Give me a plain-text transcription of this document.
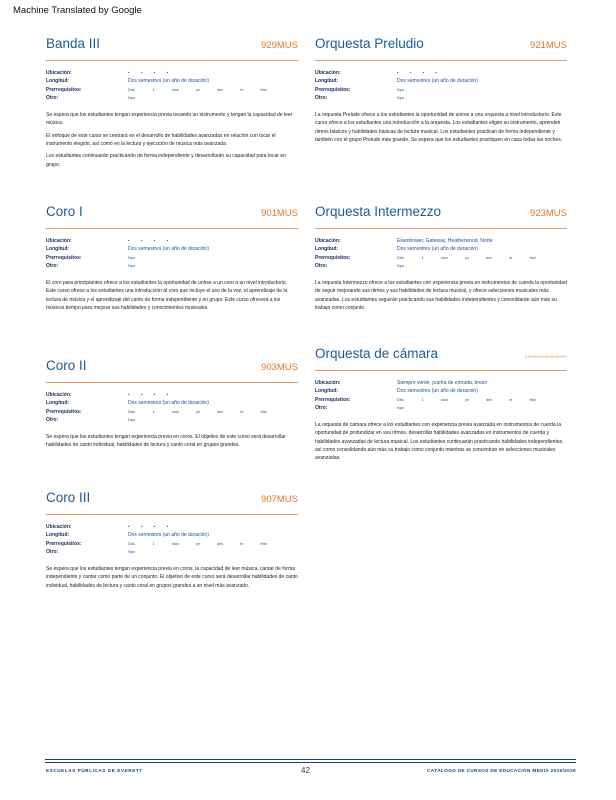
Machine Translated by Google
Banda III	929MUS
Ubicación:	• • • •
Longitud:	Dos semestres (un año de duración)
Prerrequisitos:	Dist. 1 stun yn dev te fhst
Otro:	Npo

Se espera que los estudiantes tengan experiencia previa tocando un instrumento y tengan la capacidad de leer música.

El enfoque de este curso se centrará en el desarrollo de habilidades avanzadas en relación con tocar el instrumento elegido, así como en la lectura y ejecución de música más avanzada.

Los estudiantes continuarán practicando de forma independiente y desarrollarán su capacidad para tocar en grupo.

Coro I	901MUS
Ubicación:	• • • •
Longitud:	Dos semestres (un año de duración)
Prerrequisitos:	Npo
Otro:	Npo

El coro para principiantes ofrece a los estudiantes la oportunidad de unirse a un coro a un nivel introductorio. Este curso ofrece a los estudiantes una introducción al coro que incluye el uso de la voz, el aprendizaje de la lectura de música y el aprendizaje del canto de forma independiente y en grupo. Este curso ofrecerá a los músicos tiempo para mejorar sus habilidades y conocimientos musicales.

Coro II	903MUS
Ubicación:	• • • •
Longitud:	Dos semestres (un año de duración)
Prerrequisitos:	Dist. 1 stun yn dev te fhst
Otro:	Npo

Se espera que los estudiantes tengan experiencia previa en coros. El objetivo de este curso será desarrollar habilidades de canto individual, habilidades de lectura y canto coral en grupos grandes.

Coro III	907MUS
Ubicación:	• • • •
Longitud:	Dos semestres (un año de duración)
Prerrequisitos:	Dist. 1 stun yn dev te fhst
Otro:	Npo

Se espera que los estudiantes tengan experiencia previa en coros, la capacidad de leer música, cantar de forma independiente y cantar como parte de un conjunto. El objetivo de este curso será desarrollar habilidades de canto individual, habilidades de lectura y canto coral en grupos grandes a un nivel más avanzado.

Orquesta Preludio	921MUS
Ubicación:	• • • •
Longitud:	Dos semestres (un año de duración)
Prerrequisitos:	Npo
Otro:	Npo

La orquesta Prelude ofrece a los estudiantes la oportunidad de unirse a una orquesta a nivel introductorio. Este curso ofrece a los estudiantes una introducción a la orquesta. Los estudiantes eligen su instrumento, aprenden ritmos básicos y habilidades básicas de lectura musical. Los estudiantes practican de forma independiente y también con el grupo Prelude más grande. Se espera que los estudiantes practiquen en casa todas las noches.

Orquesta Intermezzo	923MUS
Ubicación:	Eisenhower, Gateway, Heatherwood, Norte
Longitud:	Dos semestres (un año de duración)
Prerrequisitos:	Dist. 1 stun yn dev te fhst
Otro:	Npo

La orquesta Intermezzo ofrece a los estudiantes con experiencia previa en instrumentos de cuerda la oportunidad de seguir mejorando sus ritmos y sus habilidades de lectura musical, y ofrece selecciones musicales más avanzadas. Los estudiantes seguirán practicando sus habilidades independientes y consolidarán aún más su trabajo como conjunto.

Orquesta de cámara	00000000000000000
Ubicación:	Siempre verde, puerta de entrada, brezo
Longitud:	Dos semestres (un año de duración)
Prerrequisitos:	Dist. 1 stun yn dev te fhst
Otro:	Npo

La orquesta de cámara ofrece a los estudiantes con experiencia previa avanzada en instrumentos de cuerda la oportunidad de profundizar en sus ritmos, desarrollar habilidades avanzadas en instrumentos de cuerda y habilidades avanzadas de lectura musical. Los estudiantes continuarán practicando habilidades independientes, así como consolidando aún más su trabajo como conjunto mientras se concentran en selecciones musicales avanzadas.

ESCUELAS PÚBLICAS DE EVERETT	42	CATÁLOGO DE CURSOS DE EDUCACIÓN MEDIA 2025/2026
